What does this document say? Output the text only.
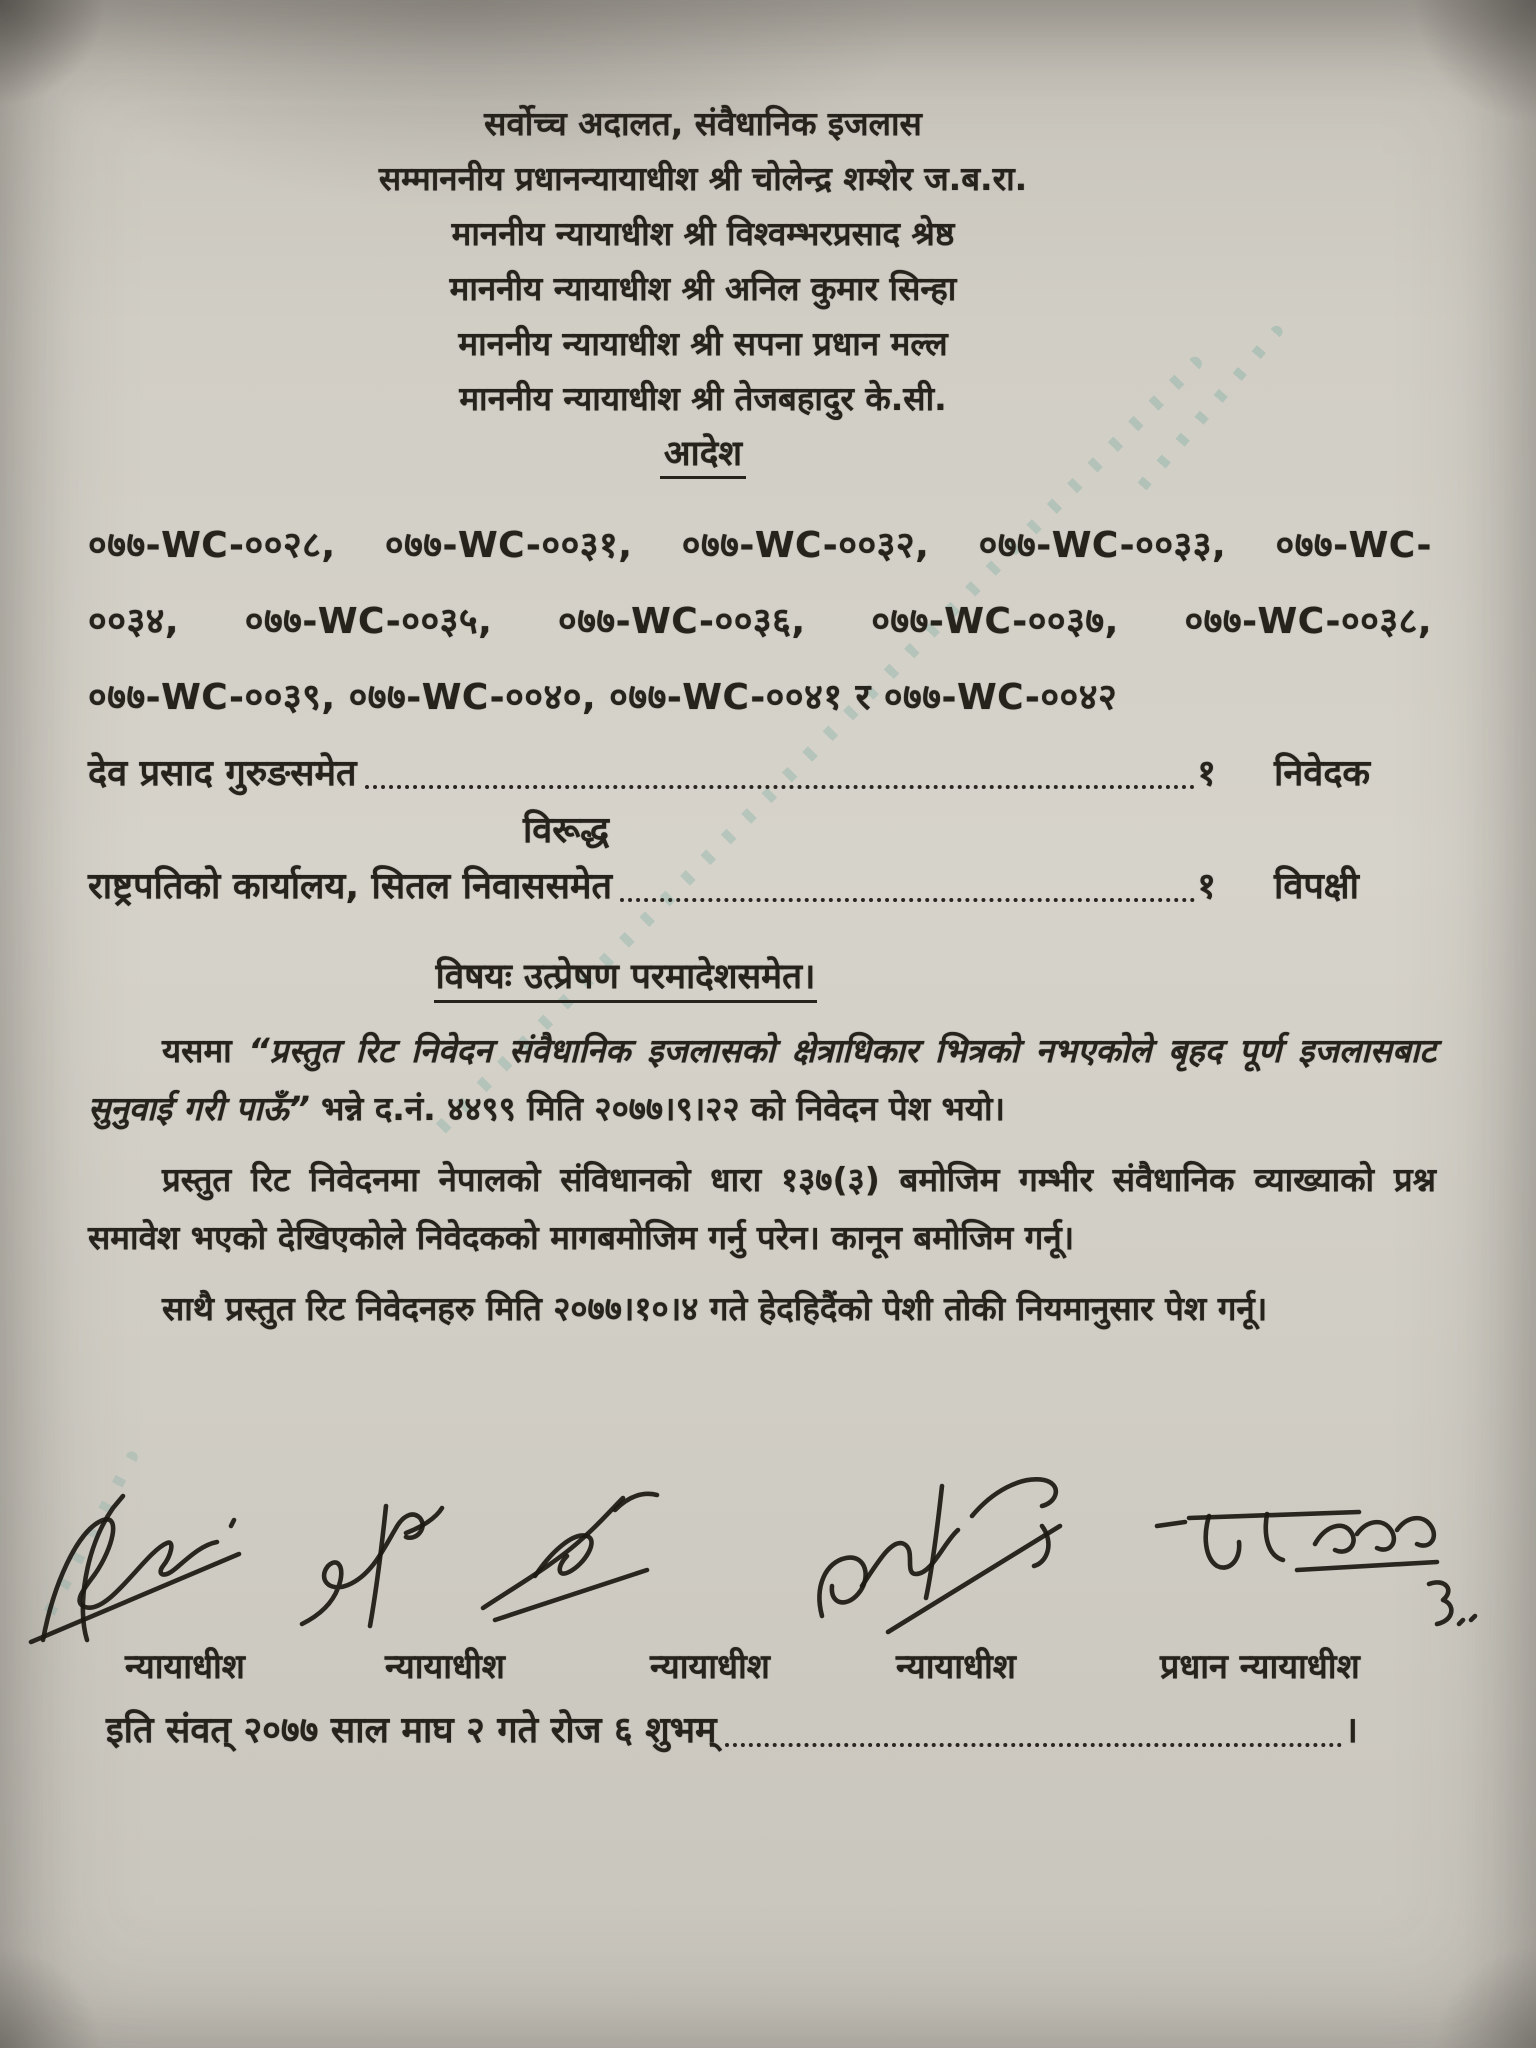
सर्वोच्च अदालत, संवैधानिक इजलास
सम्माननीय प्रधानन्यायाधीश श्री चोलेन्द्र शम्शेर ज.ब.रा.
माननीय न्यायाधीश श्री विश्वम्भरप्रसाद श्रेष्ठ
माननीय न्यायाधीश श्री अनिल कुमार सिन्हा
माननीय न्यायाधीश श्री सपना प्रधान मल्ल
माननीय न्यायाधीश श्री तेजबहादुर के.सी.
आदेश
०७७-WC-००२८, ०७७-WC-००३१, ०७७-WC-००३२, ०७७-WC-००३३, ०७७-WC-
००३४, ०७७-WC-००३५, ०७७-WC-००३६, ०७७-WC-००३७, ०७७-WC-००३८,
०७७-WC-००३९, ०७७-WC-००४०, ०७७-WC-००४१ र ०७७-WC-००४२
देव प्रसाद गुरुङसमेत	१ निवेदक
विरूद्ध
राष्ट्रपतिको कार्यालय, सितल निवाससमेत	१ विपक्षी
विषयः उत्प्रेषण परमादेशसमेत।

यसमा “प्रस्तुत रिट निवेदन संवैधानिक इजलासको क्षेत्राधिकार भित्रको नभएकोले बृहद पूर्ण इजलासबाट सुनुवाई गरी पाऊँ” भन्ने द.नं. ४४९९ मिति २०७७।९।२२ को निवेदन पेश भयो।

प्रस्तुत रिट निवेदनमा नेपालको संविधानको धारा १३७(३) बमोजिम गम्भीर संवैधानिक व्याख्याको प्रश्न समावेश भएको देखिएकोले निवेदकको मागबमोजिम गर्नु परेन। कानून बमोजिम गर्नू।

साथै प्रस्तुत रिट निवेदनहरु मिति २०७७।१०।४ गते हेदहिदैंको पेशी तोकी नियमानुसार पेश गर्नू।

न्यायाधीश	न्यायाधीश	न्यायाधीश	न्यायाधीश	प्रधान न्यायाधीश
इति संवत् २०७७ साल माघ २ गते रोज ६ शुभम्	।
